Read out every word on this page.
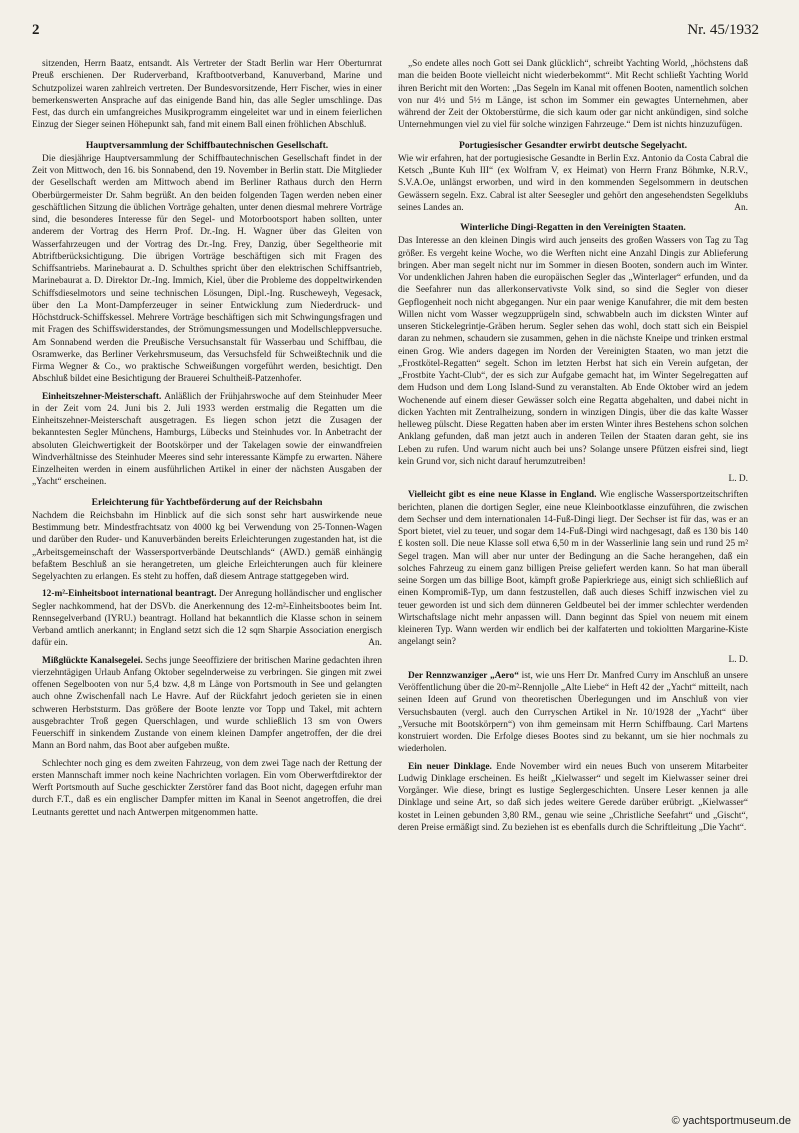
2	Nr. 45/1932

sitzenden, Herrn Baatz, entsandt. Als Vertreter der Stadt Berlin war Herr Oberturnrat Preuß erschienen. Der Ruderverband, Kraftbootverband, Kanuverband, Marine und Schutzpolizei waren zahlreich vertreten. Der Bundesvorsitzende, Herr Fischer, wies in einer bemerkenswerten Ansprache auf das einigende Band hin, das alle Segler umschlinge. Das Fest, das durch ein umfangreiches Musikprogramm eingeleitet war und in einem feierlichen Einzug der Sieger seinen Höhepunkt sah, fand mit einem Ball einen fröhlichen Abschluß.

Hauptversammlung der Schiffbautechnischen Gesellschaft.

Die diesjährige Hauptversammlung der Schiffbautechnischen Gesellschaft findet in der Zeit von Mittwoch, den 16. bis Sonnabend, den 19. November in Berlin statt. Die Mitglieder der Gesellschaft werden am Mittwoch abend im Berliner Rathaus durch den Herrn Oberbürgermeister Dr. Sahm begrüßt. An den beiden folgenden Tagen werden neben einer geschäftlichen Sitzung die üblichen Vorträge gehalten, unter denen diesmal mehrere Vorträge sind, die besonderes Interesse für den Segel- und Motorbootsport haben sollten, unter anderem der Vortrag des Herrn Prof. Dr.-Ing. H. Wagner über das Gleiten von Wasserfahrzeugen und der Vortrag des Dr.-Ing. Frey, Danzig, über Segeltheorie mit Abtriftberücksichtigung. Die übrigen Vorträge beschäftigen sich mit Fragen des Schiffsantriebs. Marinebaurat a. D. Schulthes spricht über den elektrischen Schiffsantrieb, Marinebaurat a. D. Direktor Dr.-Ing. Immich, Kiel, über die Probleme des doppeltwirkenden Schiffsdieselmotors und seine technischen Lösungen, Dipl.-Ing. Ruscheweyh, Vegesack, über den La Mont-Dampferzeuger in seiner Entwicklung zum Niederdruck- und Höchstdruck-Schiffskessel. Mehrere Vorträge beschäftigen sich mit Schwingungsfragen und mit Fragen des Schiffswiderstandes, der Strömungsmessungen und Modellschleppversuche. Am Sonnabend werden die Preußische Versuchsanstalt für Wasserbau und Schiffbau, die Osramwerke, das Berliner Verkehrsmuseum, das Versuchsfeld für Schweißtechnik und die Firma Wegner & Co., wo praktische Schweißungen vorgeführt werden, besichtigt. Den Abschluß bildet eine Besichtigung der Brauerei Schultheiß-Patzenhofer.

Einheitszehner-Meisterschaft. Anläßlich der Frühjahrswoche auf dem Steinhuder Meer in der Zeit vom 24. Juni bis 2. Juli 1933 werden erstmalig die Regatten um die Einheitszehner-Meisterschaft ausgetragen. Es liegen schon jetzt die Zusagen der bekanntesten Segler Münchens, Hamburgs, Lübecks und Steinhudes vor. In Anbetracht der absoluten Gleichwertigkeit der Bootskörper und der Takelagen sowie der einwandfreien Windverhältnisse des Steinhuder Meeres sind sehr interessante Kämpfe zu erwarten. Nähere Einzelheiten werden in einem ausführlichen Artikel in einer der nächsten Ausgaben der „Yacht“ erscheinen.

Erleichterung für Yachtbeförderung auf der Reichsbahn

Nachdem die Reichsbahn im Hinblick auf die sich sonst sehr hart auswirkende neue Bestimmung betr. Mindestfrachtsatz von 4000 kg bei Verwendung von 25-Tonnen-Wagen und darüber den Ruder- und Kanuverbänden bereits Erleichterungen zugestanden hat, ist die „Arbeitsgemeinschaft der Wassersportverbände Deutschlands“ (AWD.) gemäß einhängig befaßtem Beschluß an sie herangetreten, um gleiche Erleichterungen auch für kleinere Segelyachten zu erlangen. Es steht zu hoffen, daß diesem Antrage stattgegeben wird.

12-m²-Einheitsboot international beantragt. Der Anregung holländischer und englischer Segler nachkommend, hat der DSVb. die Anerkennung des 12-m²-Einheitsbootes beim Int. Rennsegelverband (IYRU.) beantragt. Holland hat bekanntlich die Klasse schon in seinem Verband amtlich anerkannt; in England setzt sich die 12 sqm Sharpie Association energisch dafür ein.	An.

Mißglückte Kanalsegelei. Sechs junge Seeoffiziere der britischen Marine gedachten ihren vierzehntägigen Urlaub Anfang Oktober segelnderweise zu verbringen. Sie gingen mit zwei offenen Segelbooten von nur 5,4 bzw. 4,8 m Länge von Portsmouth in See und gelangten auch ohne Zwischenfall nach Le Havre. Auf der Rückfahrt jedoch gerieten sie in einen schweren Herbststurm. Das größere der Boote lenzte vor Topp und Takel, mit achtern ausgebrachter Troß gegen Querschlagen, und wurde schließlich 13 sm von Owers Feuerschiff in sinkendem Zustande von einem kleinen Dampfer angetroffen, der die drei Mann an Bord nahm, das Boot aber aufgeben mußte.

Schlechter noch ging es dem zweiten Fahrzeug, von dem zwei Tage nach der Rettung der ersten Mannschaft immer noch keine Nachrichten vorlagen. Ein vom Oberwerftdirektor der Werft Portsmouth auf Suche geschickter Zerstörer fand das Boot nicht, dagegen erfuhr man durch F.T., daß es ein englischer Dampfer mitten im Kanal in Seenot angetroffen, die drei Leutnants gerettet und nach Antwerpen mitgenommen hatte.

„So endete alles noch Gott sei Dank glücklich“, schreibt Yachting World, „höchstens daß man die beiden Boote vielleicht nicht wiederbekommt“. Mit Recht schließt Yachting World ihren Bericht mit den Worten: „Das Segeln im Kanal mit offenen Booten, namentlich solchen von nur 4½ und 5½ m Länge, ist schon im Sommer ein gewagtes Unternehmen, aber während der Zeit der Oktoberstürme, die sich kaum oder gar nicht ankündigen, sind solche Unternehmungen viel zu viel für solche winzigen Fahrzeuge.“ Dem ist nichts hinzuzufügen.

Portugiesischer Gesandter erwirbt deutsche Segelyacht.

Wie wir erfahren, hat der portugiesische Gesandte in Berlin Exz. Antonio da Costa Cabral die Ketsch „Bunte Kuh III“ (ex Wolfram V, ex Heimat) von Herrn Franz Böhmke, N.R.V., S.V.A.Oe, unlängst erworben, und wird in den kommenden Segelsommern in deutschen Gewässern segeln. Exz. Cabral ist alter Seesegler und gehört den angesehendsten Segelklubs seines Landes an.	An.

Winterliche Dingi-Regatten in den Vereinigten Staaten.

Das Interesse an den kleinen Dingis wird auch jenseits des großen Wassers von Tag zu Tag größer. Es vergeht keine Woche, wo die Werften nicht eine Anzahl Dingis zur Ablieferung bringen. Aber man segelt nicht nur im Sommer in diesen Booten, sondern auch im Winter. Vor undenklichen Jahren haben die europäischen Segler das „Winterlager“ erfunden, und da die Seefahrer nun das allerkonservativste Volk sind, so sind die Segler von dieser Gepflogenheit noch nicht abgegangen. Nur ein paar wenige Kanufahrer, die mit dem besten Willen nicht vom Wasser wegzupprügeln sind, schwabbeln auch im dicksten Winter auf unseren Stickelegrintje-Gräben herum. Segler sehen das wohl, doch statt sich ein Beispiel daran zu nehmen, schaudern sie zusammen, gehen in die nächste Kneipe und trinken erstmal einen Grog. Wie anders dagegen im Norden der Vereinigten Staaten, wo man jetzt die „Frostkötel-Regatten“ segelt. Schon im letzten Herbst hat sich ein Verein aufgetan, der „Frostbite Yacht-Club“, der es sich zur Aufgabe gemacht hat, im Winter Segelregatten auf dem Hudson und dem Long Island-Sund zu veranstalten. Ab Ende Oktober wird an jedem Wochenende auf einem dieser Gewässer solch eine Regatta abgehalten, und dabei nicht in dicken Yachten mit Zentralheizung, sondern in winzigen Dingis, über die das kalte Wasser helleweg pülscht. Diese Regatten haben aber im ersten Winter ihres Bestehens schon solchen Anklang gefunden, daß man jetzt auch in anderen Teilen der Staaten daran geht, sie ins Leben zu rufen. Und warum nicht auch bei uns? Solange unsere Pfützen eisfrei sind, liegt kein Grund vor, sich nicht darauf herumzutreiben!

L. D.

Vielleicht gibt es eine neue Klasse in England. Wie englische Wassersportzeitschriften berichten, planen die dortigen Segler, eine neue Kleinbootklasse einzuführen, die zwischen dem Sechser und dem internationalen 14-Fuß-Dingi liegt. Der Sechser ist für das, was er an Sport bietet, viel zu teuer, und sogar dem 14-Fuß-Dingi wird nachgesagt, daß es 130 bis 140 £ kosten soll. Die neue Klasse soll etwa 6,50 m in der Wasserlinie lang sein und rund 25 m² Segel tragen. Man will aber nur unter der Bedingung an die Sache herangehen, daß ein solches Fahrzeug zu einem ganz billigen Preise geliefert werden kann. So hat man überall seine Sorgen um das billige Boot, kämpft große Papierkriege aus, einigt sich schließlich auf einen Kompromiß-Typ, um dann festzustellen, daß auch dieses Schiff inzwischen viel zu teuer geworden ist und sich dem dünneren Geldbeutel bei der immer schlechter werdenden Wirtschaftslage nicht mehr anpassen will. Dann beginnt das Spiel von neuem mit einem kleineren Typ. Wann werden wir endlich bei der kalfaterten und tokioltten Margarine-Kiste angelangt sein?

L. D.

Der Rennzwanziger „Aero“ ist, wie uns Herr Dr. Manfred Curry im Anschluß an unsere Veröffentlichung über die 20-m²-Rennjolle „Alte Liebe“ in Heft 42 der „Yacht“ mitteilt, nach seinen Ideen auf Grund von theoretischen Überlegungen und im Anschluß von vier Versuchsbauten (vergl. auch den Curryschen Artikel in Nr. 10/1928 der „Yacht“ über „Versuche mit Bootskörpern“) von ihm gemeinsam mit Herrn Schiffbaung. Carl Martens konstruiert worden. Die Erfolge dieses Bootes sind zu bekannt, um sie hier nochmals zu wiederholen.

Ein neuer Dinklage. Ende November wird ein neues Buch von unserem Mitarbeiter Ludwig Dinklage erscheinen. Es heißt „Kielwasser“ und segelt im Kielwasser seiner drei Vorgänger. Wie diese, bringt es lustige Seglergeschichten. Unsere Leser kennen ja alle Dinklage und seine Art, so daß sich jedes weitere Gerede darüber erübrigt. „Kielwasser“ kostet in Leinen gebunden 3,80 RM., genau wie seine „Christliche Seefahrt“ und „Gischt“, deren Preise ermäßigt sind. Zu beziehen ist es ebenfalls durch die Schriftleitung „Die Yacht“.

© yachtsportmuseum.de
